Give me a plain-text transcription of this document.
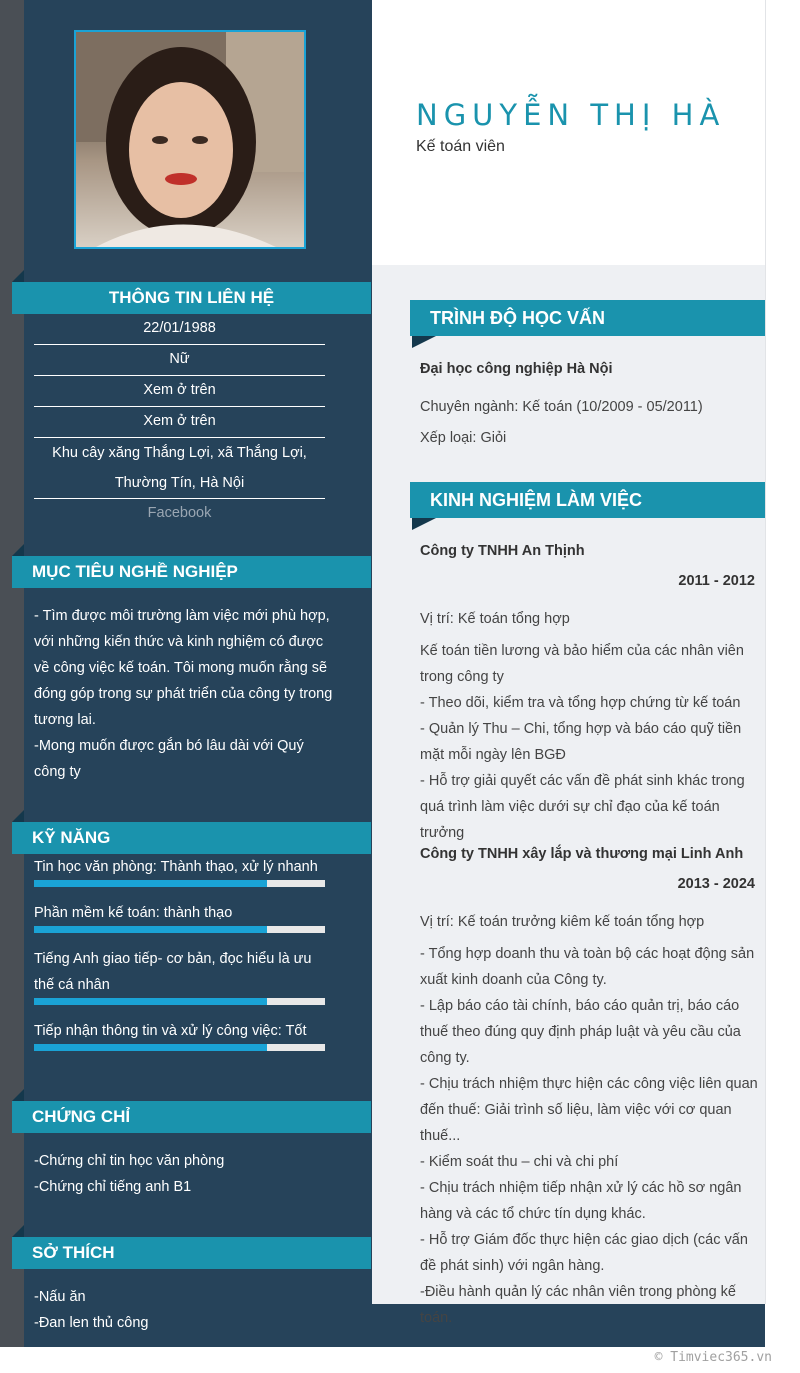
NGUYỄN THỊ HÀ
Kế toán viên
THÔNG TIN LIÊN HỆ
22/01/1988
Nữ
Xem ở trên
Xem ở trên
Khu cây xăng Thắng Lợi, xã Thắng Lợi, Thường Tín, Hà Nội
Facebook
MỤC TIÊU NGHỀ NGHIỆP

- Tìm được môi trường làm việc mới phù hợp, với những kiến thức và kinh nghiệm có được về công việc kế toán. Tôi mong muốn rằng sẽ đóng góp trong sự phát triển của công ty trong tương lai.

-Mong muốn được gắn bó lâu dài với Quý công ty

KỸ NĂNG
Tin học văn phòng: Thành thạo, xử lý nhanh
Phần mềm kế toán: thành thạo
Tiếng Anh giao tiếp- cơ bản, đọc hiểu là ưu thế cá nhân
Tiếp nhận thông tin và xử lý công việc: Tốt
CHỨNG CHỈ

-Chứng chỉ tin học văn phòng

-Chứng chỉ tiếng anh B1

SỞ THÍCH

-Nấu ăn

-Đan len thủ công

TRÌNH ĐỘ HỌC VẤN
Đại học công nghiệp Hà Nội
Chuyên ngành: Kế toán (10/2009 - 05/2011)
Xếp loại: Giỏi
KINH NGHIỆM LÀM VIỆC
Công ty TNHH An Thịnh
2011 - 2012
Vị trí: Kế toán tổng hợp

Kế toán tiền lương và bảo hiểm của các nhân viên trong công ty

- Theo dõi, kiểm tra và tổng hợp chứng từ kế toán

- Quản lý Thu – Chi, tổng hợp và báo cáo quỹ tiền mặt mỗi ngày lên BGĐ

- Hỗ trợ giải quyết các vấn đề phát sinh khác trong quá trình làm việc dưới sự chỉ đạo của kế toán trưởng

Công ty TNHH xây lắp và thương mại Linh Anh
2013 - 2024
Vị trí: Kế toán trưởng kiêm kế toán tổng hợp

- Tổng hợp doanh thu và toàn bộ các hoạt động sản xuất kinh doanh của Công ty.

- Lập báo cáo tài chính, báo cáo quản trị, báo cáo thuế theo đúng quy định pháp luật và yêu cầu của công ty.

- Chịu trách nhiệm thực hiện các công việc liên quan đến thuế: Giải trình số liệu, làm việc với cơ quan thuế...

- Kiểm soát thu – chi và chi phí

- Chịu trách nhiệm tiếp nhận xử lý các hồ sơ ngân hàng và các tổ chức tín dụng khác.

- Hỗ trợ Giám đốc thực hiện các giao dịch (các vấn đề phát sinh) với ngân hàng.

-Điều hành quản lý các nhân viên trong phòng kế toán.

© Timviec365.vn
